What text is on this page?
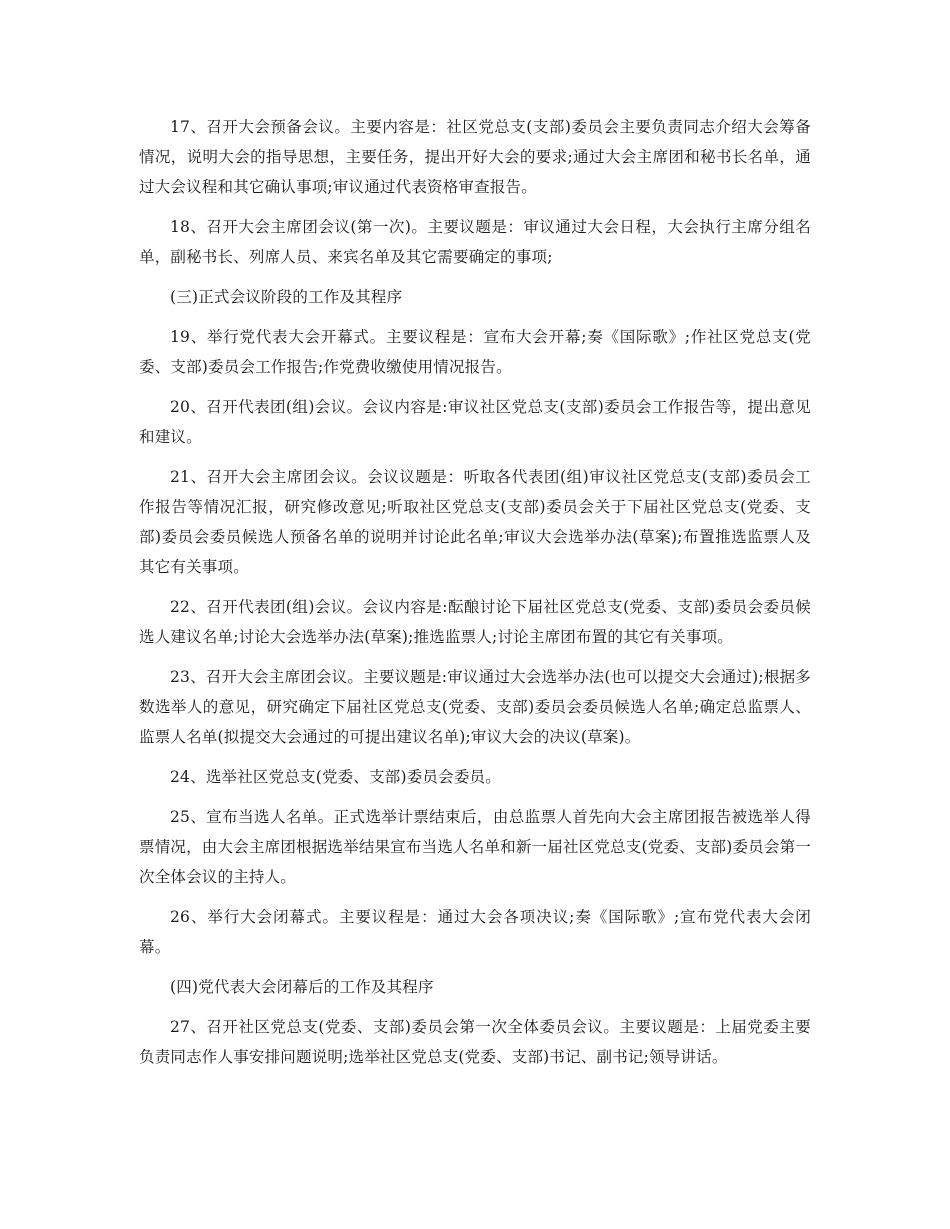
17、召开大会预备会议。主要内容是：社区党总支(支部)委员会主要负责同志介绍大会筹备情况，说明大会的指导思想，主要任务，提出开好大会的要求;通过大会主席团和秘书长名单，通过大会议程和其它确认事项;审议通过代表资格审查报告。

18、召开大会主席团会议(第一次)。主要议题是：审议通过大会日程，大会执行主席分组名单，副秘书长、列席人员、来宾名单及其它需要确定的事项;

(三)正式会议阶段的工作及其程序

19、举行党代表大会开幕式。主要议程是：宣布大会开幕;奏《国际歌》;作社区党总支(党委、支部)委员会工作报告;作党费收缴使用情况报告。

20、召开代表团(组)会议。会议内容是:审议社区党总支(支部)委员会工作报告等，提出意见和建议。

21、召开大会主席团会议。会议议题是：听取各代表团(组)审议社区党总支(支部)委员会工作报告等情况汇报，研究修改意见;听取社区党总支(支部)委员会关于下届社区党总支(党委、支部)委员会委员候选人预备名单的说明并讨论此名单;审议大会选举办法(草案);布置推选监票人及其它有关事项。

22、召开代表团(组)会议。会议内容是:酝酿讨论下届社区党总支(党委、支部)委员会委员候选人建议名单;讨论大会选举办法(草案);推选监票人;讨论主席团布置的其它有关事项。

23、召开大会主席团会议。主要议题是:审议通过大会选举办法(也可以提交大会通过);根据多数选举人的意见，研究确定下届社区党总支(党委、支部)委员会委员候选人名单;确定总监票人、监票人名单(拟提交大会通过的可提出建议名单);审议大会的决议(草案)。

24、选举社区党总支(党委、支部)委员会委员。

25、宣布当选人名单。正式选举计票结束后，由总监票人首先向大会主席团报告被选举人得票情况，由大会主席团根据选举结果宣布当选人名单和新一届社区党总支(党委、支部)委员会第一次全体会议的主持人。

26、举行大会闭幕式。主要议程是：通过大会各项决议;奏《国际歌》;宣布党代表大会闭幕。

(四)党代表大会闭幕后的工作及其程序

27、召开社区党总支(党委、支部)委员会第一次全体委员会议。主要议题是：上届党委主要负责同志作人事安排问题说明;选举社区党总支(党委、支部)书记、副书记;领导讲话。
